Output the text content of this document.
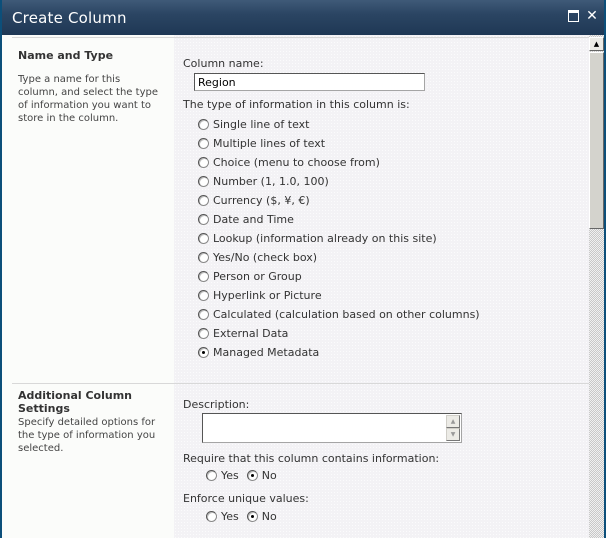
Create Column	✕
Name and Type

Type a name for this column, and select the type of information you want to store in the column.

Column name:
Region
The type of information in this column is:
Single line of text
Multiple lines of text
Choice (menu to choose from)
Number (1, 1.0, 100)
Currency ($, ¥, €)
Date and Time
Lookup (information already on this site)
Yes/No (check box)
Person or Group
Hyperlink or Picture
Calculated (calculation based on other columns)
External Data
Managed Metadata
Additional Column Settings

Specify detailed options for the type of information you selected.

Description:
▲
▼
Require that this column contains information:
Yes No
Enforce unique values:
Yes No
▲
